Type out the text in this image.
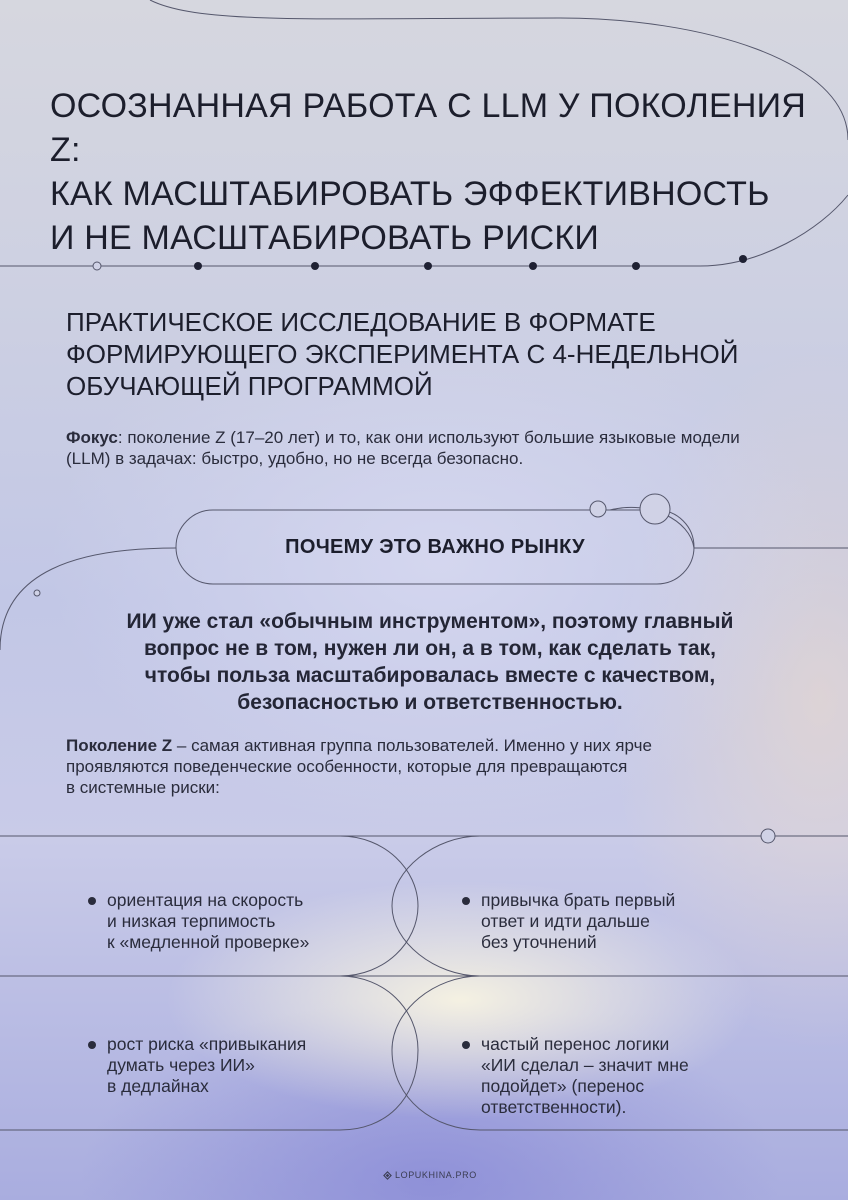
ОСОЗНАННАЯ РАБОТА С LLM У ПОКОЛЕНИЯ Z:
КАК МАСШТАБИРОВАТЬ ЭФФЕКТИВНОСТЬ
И НЕ МАСШТАБИРОВАТЬ РИСКИ
ПРАКТИЧЕСКОЕ ИССЛЕДОВАНИЕ В ФОРМАТЕ
ФОРМИРУЮЩЕГО ЭКСПЕРИМЕНТА С 4-НЕДЕЛЬНОЙ
ОБУЧАЮЩЕЙ ПРОГРАММОЙ

Фокус: поколение Z (17–20 лет) и то, как они используют большие языковые модели (LLM) в задачах: быстро, удобно, но не всегда безопасно.

ПОЧЕМУ ЭТО ВАЖНО РЫНКУ

ИИ уже стал «обычным инструментом», поэтому главный
вопрос не в том, нужен ли он, а в том, как сделать так,
чтобы польза масштабировалась вместе с качеством,
безопасностью и ответственностью.

Поколение Z – самая активная группа пользователей. Именно у них ярче
проявляются поведенческие особенности, которые для превращаются
в системные риски:

ориентация на скорость
и низкая терпимость
к «медленной проверке»
привычка брать первый
ответ и идти дальше
без уточнений
рост риска «привыкания
думать через ИИ»
в дедлайнах
частый перенос логики
«ИИ сделал – значит мне
подойдет» (перенос
ответственности).
LOPUKHINA.PRO
